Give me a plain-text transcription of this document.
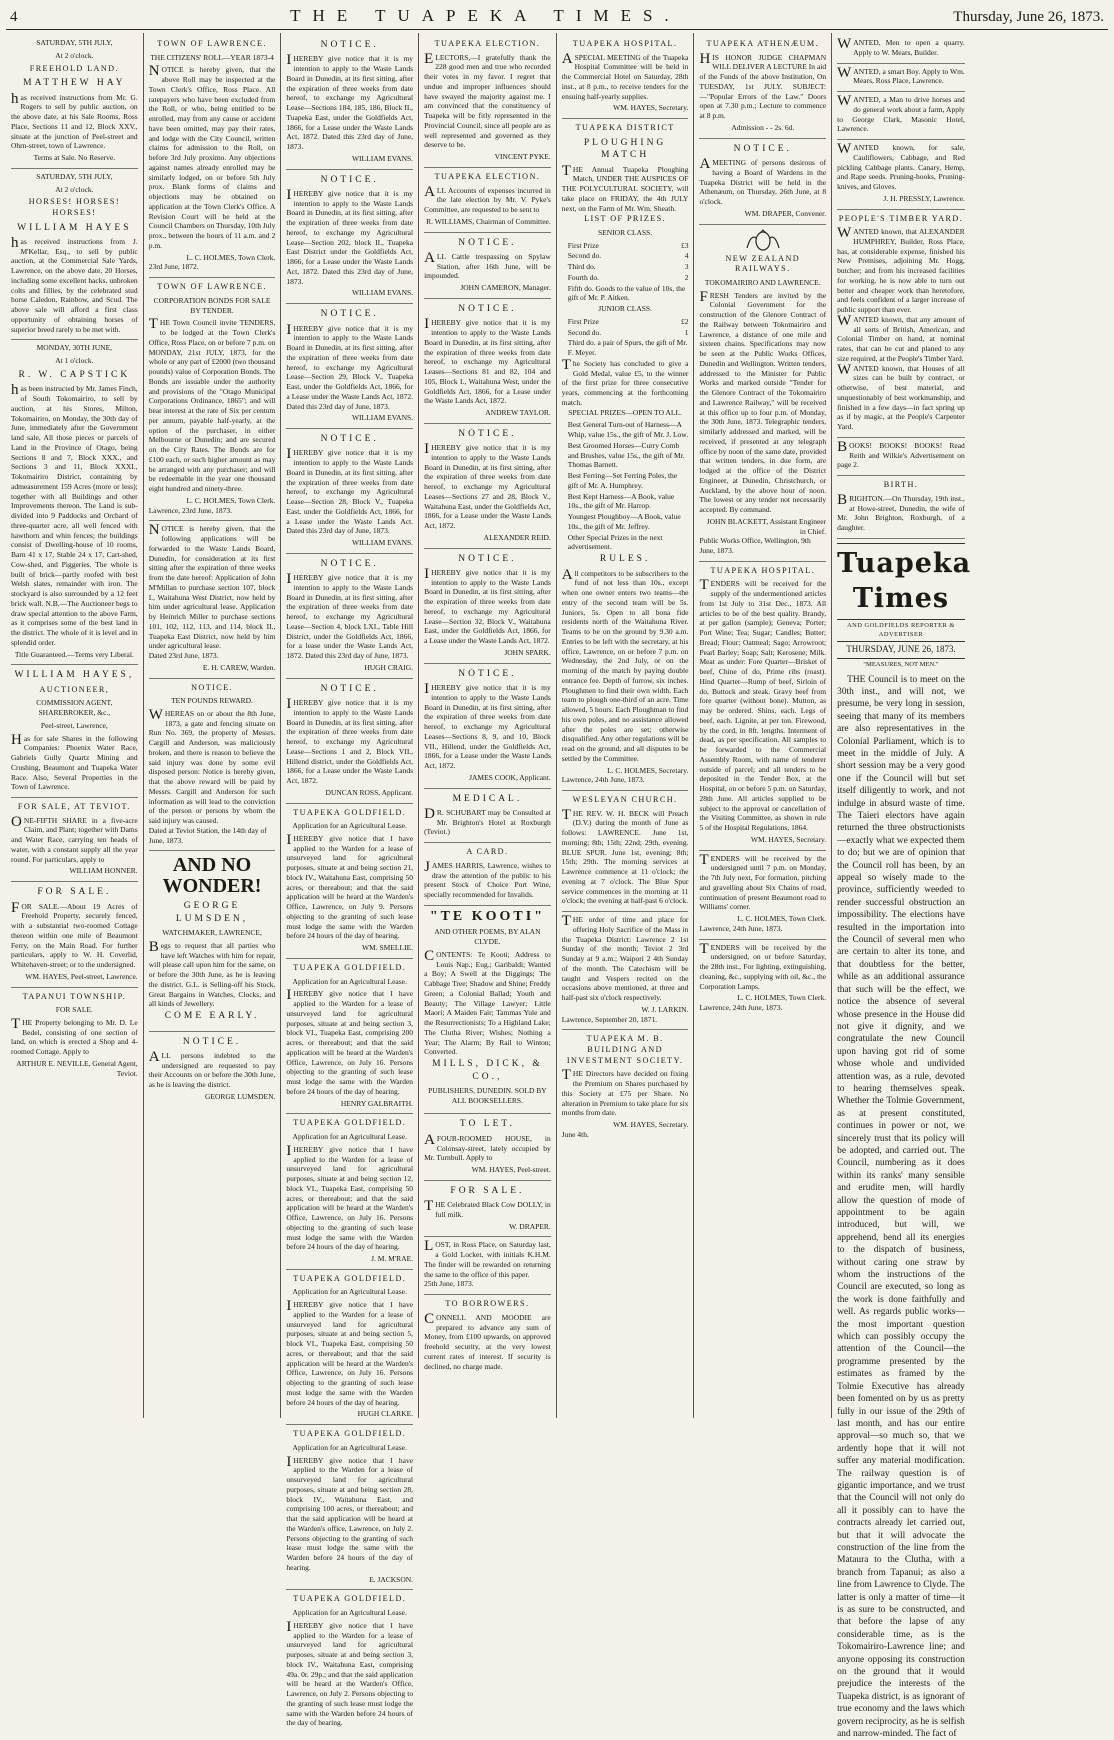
4	THE TUAPEKA TIMES.	Thursday, June 26, 1873.
SATURDAY, 5TH JULY,
At 2 o'clock.
FREEHOLD LAND.
MATTHEW HAY
has received instructions from Mr. G. Rogers to sell by public auction, on the above date, at his Sale Rooms, Ross Place, Sections 11 and 12, Block XXV., situate at the junction of Peel-street and Ohrn-street, town of Lawrence.
Terms at Sale. No Reserve.
SATURDAY, 5TH JULY,
At 2 o'clock.
HORSES! HORSES! HORSES!
WILLIAM HAYES
has received instructions from J. M'Kellar, Esq., to sell by public auction, at the Commercial Sale Yards, Lawrence, on the above date, 20 Horses, including some excellent hacks, unbroken colts and fillies, by the celebrated stud horse Caledon, Rainbow, and Scud. The above sale will afford a first class opportunity of obtaining horses of superior breed rarely to be met with.
MONDAY, 30TH JUNE,
At 1 o'clock.
R. W. CAPSTICK
has been instructed by Mr. James Finch, of South Tokomairiro, to sell by auction, at his Stores, Milton, Tokomairiro, on Monday, the 30th day of June, immediately after the Government land sale, All those pieces or parcels of Land in the Province of Otago, being Sections 8 and 7, Block XXX., and Sections 3 and 11, Block XXXI., Tokomairiro District, containing by admeasurement 159 Acres (more or less); together with all Buildings and other Improvements thereon. The Land is sub-divided into 9 Paddocks and Orchard of three-quarter acre, all well fenced with hawthorn and whin fences; the buildings consist of Dwelling-house of 10 rooms, Barn 41 x 17, Stable 24 x 17, Cart-shed, Cow-shed, and Piggeries. The whole is built of brick—partly roofed with best Welsh slates, remainder with iron. The stockyard is also surrounded by a 12 feet brick wall. N.B.—The Auctioneer begs to draw special attention to the above Farm, as it comprises some of the best land in the district. The whole of it is level and in splendid order.
Title Guaranteed.—Terms very Liberal.
WILLIAM HAYES,
AUCTIONEER,
COMMISSION AGENT, SHAREBROKER, &c.,
Peel-street, Lawrence,
Has for sale Shares in the following Companies: Phoenix Water Race, Gabriels Gully Quartz Mining and Crushing, Beaumont and Tuapeka Water Race. Also, Several Properties in the Town of Lawrence.
FOR SALE, AT TEVIOT.
ONE-FIFTH SHARE in a five-acre Claim, and Plant; together with Dams and Water Race, carrying ten heads of water, with a constant supply all the year round. For particulars, apply to
WILLIAM HONNER.
FOR SALE.
FOR SALE.—About 19 Acres of Freehold Property, securely fenced, with a substantial two-roomed Cottage thereon within one mile of Beaumont Ferry, on the Main Road. For further particulars, apply to W. H. Coverlid, Whitehaven-street; or to the undersigned.
WM. HAYES, Peel-street, Lawrence.
TAPANUI TOWNSHIP.
FOR SALE.
THE Property belonging to Mr. D. Le Bedel, consisting of one section of land, on which is erected a Shop and 4-roomed Cottage. Apply to
ARTHUR E. NEVILLE, General Agent, Teviot.
TOWN OF LAWRENCE.
THE CITIZENS' ROLL—YEAR 1873-4
NOTICE is hereby given, that the above Roll may be inspected at the Town Clerk's Office, Ross Place. All ratepayers who have been excluded from the Roll, or who, being entitled to be enrolled, may from any cause or accident have been omitted, may pay their rates, and lodge with the City Council, written claims for admission to the Roll, on before 3rd July proximo. Any objections against names already enrolled may be similarly lodged, on or before 5th July prox. Blank forms of claims and objections may be obtained on application at the Town Clerk's Office. A Revision Court will be held at the Council Chambers on Thursday, 10th July prox., between the hours of 11 a.m. and 2 p.m.
L. C. HOLMES, Town Clerk.
23rd June, 1872.
TOWN OF LAWRENCE.
CORPORATION BONDS FOR SALE BY TENDER.
THE Town Council invite TENDERS, to be lodged at the Town Clerk's Office, Ross Place, on or before 7 p.m. on MONDAY, 21st JULY, 1873, for the whole or any part of £2000 (two thousand pounds) value of Corporation Bonds. The Bonds are issuable under the authority and provisions of the "Otago Municipal Corporations Ordinance, 1865"; and will bear interest at the rate of Six per centum per annum, payable half-yearly, at the option of the purchaser, in either Melbourne or Dunedin; and are secured on the City Rates. The Bonds are for £100 each, or such higher amount as may be arranged with any purchaser; and will be redeemable in the year one thousand eight hundred and ninety-three.
L. C. HOLMES, Town Clerk.
Lawrence, 23rd June, 1873.
NOTICE is hereby given, that the following applications will be forwarded to the Waste Lands Board, Dunedin, for consideration at its first sitting after the expiration of three weeks from the date hereof: Application of John M'Millan to purchase section 107, block I., Waitahuna West District, now held by him under agricultural lease. Application by Heinrich Miller to purchase sections 101, 102, 112, 113, and 114, block II., Tuapeka East District, now held by him under agricultural lease.
Dated 23rd June, 1873.
E. H. CAREW, Warden.
NOTICE.
TEN POUNDS REWARD.
WHEREAS on or about the 8th June, 1873, a gate and fencing situate on Run No. 369, the property of Messrs. Cargill and Anderson, was maliciously broken, and there is reason to believe the said injury was done by some evil disposed person: Notice is hereby given, that the above reward will be paid by Messrs. Cargill and Anderson for such information as will lead to the conviction of the person or persons by whom the said injury was caused.
Dated at Teviot Station, the 14th day of June, 1873.
AND NO WONDER!
GEORGE LUMSDEN,
WATCHMAKER, LAWRENCE,
Begs to request that all parties who have left Watches with him for repair, will please call upon him for the same, on or before the 30th June, as he is leaving the district. G.L. is Selling-off his Stock. Great Bargains in Watches, Clocks, and all kinds of Jewellery.
COME EARLY.
NOTICE.
ALL persons indebted to the undersigned are requested to pay their Accounts on or before the 30th June, as he is leaving the district.
GEORGE LUMSDEN.
NOTICE.
IHEREBY give notice that it is my intention to apply to the Waste Lands Board in Dunedin, at its first sitting, after the expiration of three weeks from date hereof, to exchange my Agricultural Lease—Sections 184, 185, 186, Block II., Tuapeka East, under the Goldfields Act, 1866, for a Lease under the Waste Lands Act, 1872. Dated this 23rd day of June, 1873.
WILLIAM EVANS.
NOTICE.
IHEREBY give notice that it is my intention to apply to the Waste Lands Board in Dunedin, at its first sitting, after the expiration of three weeks from date hereof, to exchange my Agricultural Lease—Section 202, block II., Tuapeka East District under the Goldfields Act, 1866, for a Lease under the Waste Lands Act, 1872. Dated this 23rd day of June, 1873.
WILLIAM EVANS.
NOTICE.
IHEREBY give notice that it is my intention to apply to the Waste Lands Board in Dunedin, at its first sitting, after the expiration of three weeks from date hereof, to exchange my Agricultural Lease—Section 29, Block V., Tuapeka East, under the Goldfields Act, 1866, for a Lease under the Waste Lands Act, 1872. Dated this 23rd day of June, 1873.
WILLIAM EVANS.
NOTICE.
IHEREBY give notice that it is my intention to apply to the Waste Lands Board in Dunedin, at its first sitting, after the expiration of three weeks from date hereof, to exchange my Agricultural Lease—Section 28, Block V., Tuapeka East, under the Goldfields Act, 1866, for a Lease under the Waste Lands Act. Dated this 23rd day of June, 1873.
WILLIAM EVANS.
NOTICE.
IHEREBY give notice that it is my intention to apply to the Waste Lands Board in Dunedin, at its first sitting, after the expiration of three weeks from date hereof, to exchange my Agricultural Lease—Section 4, block LXI., Table Hill District, under the Goldfields Act, 1866, for a lease under the Waste Lands Act, 1872. Dated this 23rd day of June, 1873.
HUGH CRAIG.
NOTICE.
IHEREBY give notice that it is my intention to apply to the Waste Lands Board in Dunedin, at its first sitting, after the expiration of three weeks from date hereof, to exchange my Agricultural Lease—Sections 1 and 2, Block VII., Hillend district, under the Goldfields Act, 1866, for a Lease under the Waste Lands Act, 1872.
DUNCAN ROSS, Applicant.
TUAPEKA GOLDFIELD.
Application for an Agricultural Lease.
IHEREBY give notice that I have applied to the Warden for a lease of unsurveyed land for agricultural purposes, situate at and being section 21, block IV., Waitahuna East, comprising 50 acres, or thereabout; and that the said application will be heard at the Warden's Office, Lawrence, on July 9. Persons objecting to the granting of such lease must lodge the same with the Warden before 24 hours of the day of hearing.
WM. SMELLIE.
TUAPEKA GOLDFIELD.
Application for an Agricultural Lease.
IHEREBY give notice that I have applied to the Warden for a lease of unsurveyed land for agricultural purposes, situate at and being section 3, block VI., Tuapeka East, comprising 200 acres, or thereabout; and that the said application will be heard at the Warden's Office, Lawrence, on July 16. Persons objecting to the granting of such lease must lodge the same with the Warden before 24 hours of the day of hearing.
HENRY GALBRAITH.
TUAPEKA GOLDFIELD.
Application for an Agricultural Lease.
IHEREBY give notice that I have applied to the Warden for a lease of unsurveyed land for agricultural purposes, situate at and being section 12, block VI., Tuapeka East, comprising 50 acres, or thereabout; and that the said application will be heard at the Warden's Office, Lawrence, on July 16. Persons objecting to the granting of such lease must lodge the same with the Warden before 24 hours of the day of hearing.
J. M. M'RAE.
TUAPEKA GOLDFIELD.
Application for an Agricultural Lease.
IHEREBY give notice that I have applied to the Warden for a lease of unsurveyed land for agricultural purposes, situate at and being section 5, block VI., Tuapeka East, comprising 50 acres, or thereabout; and that the said application will be heard at the Warden's Office, Lawrence, on July 16. Persons objecting to the granting of such lease must lodge the same with the Warden before 24 hours of the day of hearing.
HUGH CLARKE.
TUAPEKA GOLDFIELD.
Application for an Agricultural Lease.
IHEREBY give notice that I have applied to the Warden for a lease of unsurveyed land for agricultural purposes, situate at and being section 28, block IV., Waitahuna East, and comprising 100 acres, or thereabout; and that the said application will be heard at the Warden's office, Lawrence, on July 2. Persons objecting to the granting of such lease must lodge the same with the Warden before 24 hours of the day of hearing.
E. JACKSON.
TUAPEKA GOLDFIELD.
Application for an Agricultural Lease.
IHEREBY give notice that I have applied to the Warden for a lease of unsurveyed land for agricultural purposes, situate at and being section 3, block IV., Waitahuna East, comprising 49a. 0r. 29p.; and that the said application will be heard at the Warden's Office, Lawrence, on July 2. Persons objecting to the granting of such lease must lodge the same with the Warden before 24 hours of the day of hearing.
TUAPEKA ELECTION.
ELECTORS,—I gratefully thank the 228 good men and true who recorded their votes in my favor. I regret that undue and improper influences should have swayed the majority against me. I am convinced that the constituency of Tuapeka will be fitly represented in the Provincial Council, since all people are as well represented and governed as they deserve to be.
VINCENT PYKE.
TUAPEKA ELECTION.
ALL Accounts of expenses incurred in the late election by Mr. V. Pyke's Committee, are requested to be sent to
R. WILLIAMS, Chairman of Committee.
NOTICE.
ALL Cattle trespassing on Spylaw Station, after 16th June, will be impounded.
JOHN CAMERON, Manager.
NOTICE.
IHEREBY give notice that it is my intention to apply to the Waste Lands Board in Dunedin, at its first sitting, after the expiration of three weeks from date hereof, to exchange my Agricultural Leases—Sections 81 and 82, 104 and 105, Block I., Waitahuna West, under the Goldfields Act, 1866, for a Lease under the Waste Lands Act, 1872.
ANDREW TAYLOR.
NOTICE.
IHEREBY give notice that it is my intention to apply to the Waste Lands Board in Dunedin, at its first sitting, after the expiration of three weeks from date hereof, to exchange my Agricultural Leases—Sections 27 and 28, Block V., Waitahuna East, under the Goldfields Act, 1866, for a Lease under the Waste Lands Act, 1872.
ALEXANDER REID.
NOTICE.
IHEREBY give notice that it is my intention to apply to the Waste Lands Board in Dunedin, at its first sitting, after the expiration of three weeks from date hereof, to exchange my Agricultural Lease—Section 32, Block V., Waitahuna East, under the Goldfields Act, 1866, for a Lease under the Waste Lands Act, 1872.
JOHN SPARK.
NOTICE.
IHEREBY give notice that it is my intention to apply to the Waste Lands Board in Dunedin, at its first sitting, after the expiration of three weeks from date hereof, to exchange my Agricultural Leases—Sections 8, 9, and 10, Block VII., Hillend, under the Goldfields Act, 1866, for a Lease under the Waste Lands Act, 1872.
JAMES COOK, Applicant.
MEDICAL.
DR. SCHUBART may be Consulted at Mr. Brighton's Hotel at Roxburgh (Teviot.)
A CARD.
JAMES HARRIS, Lawrence, wishes to draw the attention of the public to his present Stock of Choice Port Wine, specially recommended for Invalids.
"TE KOOTI"
AND OTHER POEMS, BY ALAN CLYDE.
CONTENTS: Te Kooti; Address to Louis Nap.; Eug.; Garibaldi; Wanted a Boy; A Swell at the Diggings; The Cabbage Tree; Shadow and Shine; Freddy Green; a Colonial Ballad; Youth and Beauty; The Village Lawyer; Little Maori; A Maiden Fair; Tammas Yule and the Resurrectionists; To a Highland Lake; The Clutha River; Wishes; Nothing a Year; The Alarm; By Rail to Winton; Converted.
MILLS, DICK, & CO.,
PUBLISHERS, DUNEDIN. SOLD BY ALL BOOKSELLERS.
TO LET.
AFOUR-ROOMED HOUSE, in Colonsay-street, lately occupied by Mr. Turnbull. Apply to
WM. HAYES, Peel-street.
FOR SALE.
THE Celebrated Black Cow DOLLY, in full milk.
W. DRAPER.
LOST, in Ross Place, on Saturday last, a Gold Locket, with initials K.H.M. The finder will be rewarded on returning the same to the office of this paper.
25th June, 1873.
TO BORROWERS.
CONNELL AND MOODIE are prepared to advance any sum of Money, from £100 upwards, on approved freehold security, at the very lowest current rates of interest. If security is declined, no charge made.
TUAPEKA HOSPITAL.
ASPECIAL MEETING of the Tuapeka Hospital Committee will be held in the Commercial Hotel on Saturday, 28th inst., at 8 p.m., to receive tenders for the ensuing half-yearly supplies.
WM. HAYES, Secretary.
TUAPEKA DISTRICT
PLOUGHING MATCH
THE Annual Tuapeka Ploughing Match, UNDER THE AUSPICES OF THE POLYCULTURAL SOCIETY, will take place on FRIDAY, the 4th JULY next, on the Farm of Mr. Wm. Sheath.
LIST OF PRIZES.
SENIOR CLASS.
First Prize	£3
Second do.	4
Third do.	3
Fourth do.	2
Fifth do. Goods to the value of 10s, the gift of Mr. P. Aitken.
JUNIOR CLASS.
First Prize	£2
Second do.	1
Third do. a pair of Spurs, the gift of Mr. F. Meyer.
The Society has concluded to give a Gold Medal, value £5, to the winner of the first prize for three consecutive years, commencing at the forthcoming match.
SPECIAL PRIZES—OPEN TO ALL.
Best General Turn-out of Harness—A Whip, value 15s., the gift of Mr. J. Low.
Best Groomed Horses—Curry Comb and Brushes, value 15s., the gift of Mr. Thomas Barnett.
Best Ferring—Set Ferring Poles, the gift of Mr. A. Humphrey.
Best Kept Harness—A Book, value 10s., the gift of Mr. Harrop.
Youngest Ploughboy—A Book, value 10s., the gift of Mr. Jeffrey.
Other Special Prizes in the next advertisement.
RULES.
All competitors to be subscribers to the fund of not less than 10s., except when one owner enters two teams—the entry of the second team will be 5s. Juniors, 5s. Open to all bona fide residents north of the Waitahuna River. Teams to be on the ground by 9.30 a.m. Entries to be left with the secretary, at his office, Lawrence, on or before 7 p.m. on Wednesday, the 2nd July, or on the morning of the match by paying double entrance fee. Depth of furrow, six inches. Ploughmen to find their own width. Each team to plough one-third of an acre. Time allowed, 5 hours. Each Ploughman to find his own poles, and no assistance allowed after the poles are set; otherwise disqualified. Any other regulations will be read on the ground, and all disputes to be settled by the Committee.
L. C. HOLMES, Secretary.
Lawrence, 24th June, 1873.
WESLEYAN CHURCH.
THE REV. W. H. BECK will Preach (D.V.) during the month of June as follows: LAWRENCE. June 1st, morning; 8th; 15th; 22nd; 29th, evening. BLUE SPUR. June 1st, evening; 8th; 15th; 29th. The morning services at Lawrence commence at 11 o'clock; the evening at 7 o'clock. The Blue Spur service commences in the morning at 11 o'clock; the evening at half-past 6 o'clock.
THE order of time and place for offering Holy Sacrifice of the Mass in the Tuapeka District: Lawrence 2 1st Sunday of the month; Teviot 2 3rd Sunday at 9 a.m.; Waipori 2 4th Sunday of the month. The Catechism will be taught and Vespers recited on the occasions above mentioned, at three and half-past six o'clock respectively.
W. J. LARKIN.
Lawrence, September 20, 1871.
TUAPEKA M. B. BUILDING AND INVESTMENT SOCIETY.
THE Directors have decided on fixing the Premium on Shares purchased by this Society at £75 per Share. No alteration in Premium to take place for six months from date.
WM. HAYES, Secretary.
June 4th.
TUAPEKA ATHENÆUM.
HIS HONOR JUDGE CHAPMAN WILL DELIVER A LECTURE In aid of the Funds of the above Institution, On TUESDAY, 1st JULY. SUBJECT:—"Popular Errors of the Law." Doors open at 7.30 p.m.; Lecture to commence at 8 p.m.
Admission - - 2s. 6d.
NOTICE.
AMEETING of persons desirous of having a Board of Wardens in the Tuapeka District will be held in the Athenæum, on Thursday, 26th June, at 8 o'clock.
WM. DRAPER, Convener.
NEW ZEALAND RAILWAYS.
TOKOMAIRIRO AND LAWRENCE.
FRESH Tenders are invited by the Colonial Government for the construction of the Glenore Contract of the Railway between Tokomairiro and Lawrence, a distance of one mile and sixteen chains. Specifications may now be seen at the Public Works Offices, Dunedin and Wellington. Written tenders, addressed to the Minister for Public Works and marked outside "Tender for the Glenore Contract of the Tokomairiro and Lawrence Railway," will be received at this office up to four p.m. of Monday, the 30th June, 1873. Telegraphic tenders, similarly addressed and marked, will be received, if presented at any telegraph office by noon of the same date, provided that written tenders, in due form, are lodged at the office of the District Engineer, at Dunedin, Christchurch, or Auckland, by the above hour of noon. The lowest or any tender not necessarily accepted. By command.
JOHN BLACKETT, Assistant Engineer in Chief.
Public Works Office, Wellington, 9th June, 1873.
TUAPEKA HOSPITAL.
TENDERS will be received for the supply of the undermentioned articles from 1st July to 31st Dec., 1873. All articles to be of the best quality. Brandy, at per gallon (sample); Geneva; Porter; Port Wine; Tea; Sugar; Candles; Butter; Bread; Flour; Oatmeal; Sago; Arrowroot; Pearl Barley; Soap; Salt; Kerosene; Milk. Meat as under: Fore Quarter—Brisket of beef, Chine of do, Prime ribs (roast). Hind Quarter—Rump of beef, Sirloin of do, Buttock and steak. Gravy beef from fore quarter (without bone). Mutton, as may be ordered. Shins, each. Legs of beef, each. Lignite, at per ton. Firewood, by the cord, in 8ft. lengths. Interment of dead, as per specification. All samples to be forwarded to the Commercial Assembly Room, with name of tenderer outside of parcel; and all tenders to be deposited in the Tender Box, at the Hospital, on or before 5 p.m. on Saturday, 28th June. All articles supplied to be subject to the approval or cancellation of the Visiting Committee, as shown in rule 5 of the Hospital Regulations, 1864.
WM. HAYES, Secretary.
TENDERS will be received by the undersigned until 7 p.m. on Monday, the 7th July next, For formation, pitching and gravelling about Six Chains of road, continuation of present Beaumont road to Williams' corner.
L. C. HOLMES, Town Clerk.
Lawrence, 24th June, 1873.
TENDERS will be received by the undersigned, on or before Saturday, the 28th inst., For lighting, extinguishing, cleaning, &c., supplying with oil, &c., the Corporation Lamps.
L. C. HOLMES, Town Clerk.
Lawrence, 24th June, 1873.
WANTED, Men to open a quarry. Apply to W. Mears, Builder.
WANTED, a smart Boy. Apply to Wm. Mears, Ross Place, Lawrence.
WANTED, a Man to drive horses and do general work about a farm, Apply to George Clark, Masonic Hotel, Lawrence.
WANTED known, for sale, Cauliflowers, Cabbage, and Red pickling Cabbage plants. Canary, Hemp, and Rape seeds. Pruning-hooks, Pruning-knives, and Gloves.
J. H. PRESSLY, Lawrence.
PEOPLE'S TIMBER YARD.
WANTED known, that ALEXANDER HUMPHREY, Builder, Ross Place, has, at considerable expense, finished his New Premises, adjoining Mr. Hogg, butcher; and from his increased facilities for working, he is now able to turn out better and cheaper work than heretofore, and feels confident of a larger increase of public support than ever.
WANTED known, that any amount of all sorts of British, American, and Colonial Timber on hand, at nominal rates, that can be cut and planed to any size required, at the People's Timber Yard.
WANTED known, that Houses of all sizes can be built by contract, or otherwise, of best material, and unquestionably of best workmanship, and finished in a few days—in fact spring up as if by magic, at the People's Carpenter Yard.
BOOKS! BOOKS! BOOKS! Read Reith and Wilkie's Advertisement on page 2.
BIRTH.
BRIGHTON.—On Thursday, 19th inst., at Howe-street, Dunedin, the wife of Mr. John Brighton, Roxburgh, of a daughter.
Tuapeka Times
AND GOLDFIELDS REPORTER & ADVERTISER
THURSDAY, JUNE 26, 1873.
"MEASURES, NOT MEN."

THE Council is to meet on the 30th inst., and will not, we presume, be very long in session, seeing that many of its members are also representatives in the Colonial Parliament, which is to meet in the middle of July. A short session may be a very good one if the Council will but set itself diligently to work, and not indulge in absurd waste of time. The Taieri electors have again returned the three obstructionists—exactly what we expected them to do; but we are of opinion that the Council roll has been, by an appeal so wisely made to the province, sufficiently weeded to render successful obstruction an impossibility. The elections have resulted in the importation into the Council of several men who are certain to alter its tone, and that doubtless for the better, while as an additional assurance that such will be the effect, we notice the absence of several whose presence in the House did not give it dignity, and we congratulate the new Council upon having got rid of some whose whole and undivided attention was, as a rule, devoted to hearing themselves speak. Whether the Tolmie Government, as at present constituted, continues in power or not, we sincerely trust that its policy will be adopted, and carried out. The Council, numbering as it does within its ranks' many sensible and erudite men, will hardly allow the question of mode of appointment to be again introduced, but will, we apprehend, bend all its energies to the dispatch of business, without caring one straw by whom the instructions of the Council are executed, so long as the work is done faithfully and well. As regards public works—the most important question which can possibly occupy the attention of the Council—the programme presented by the estimates as framed by the Tolmie Executive has already been fomented on by us as pretty fully in our issue of the 29th of last month, and has our entire approval—so much so, that we ardently hope that it will not suffer any material modification. The railway question is of gigantic importance, and we trust that the Council will not only do all it possibly can to have the contracts already let carried out, but that it will advocate the construction of the line from the Mataura to the Clutha, with a branch from Tapanui; as also a line from Lawrence to Clyde. The latter is only a matter of time—it is as sure to be constructed, and that before the lapse of any considerable time, as is the Tokomairiro-Lawrence line; and anyone opposing its construction on the ground that it would prejudice the interests of the Tuapeka district, is as ignorant of true economy and the laws which govern reciprocity, as he is selfish and narrow-minded. The fact of
